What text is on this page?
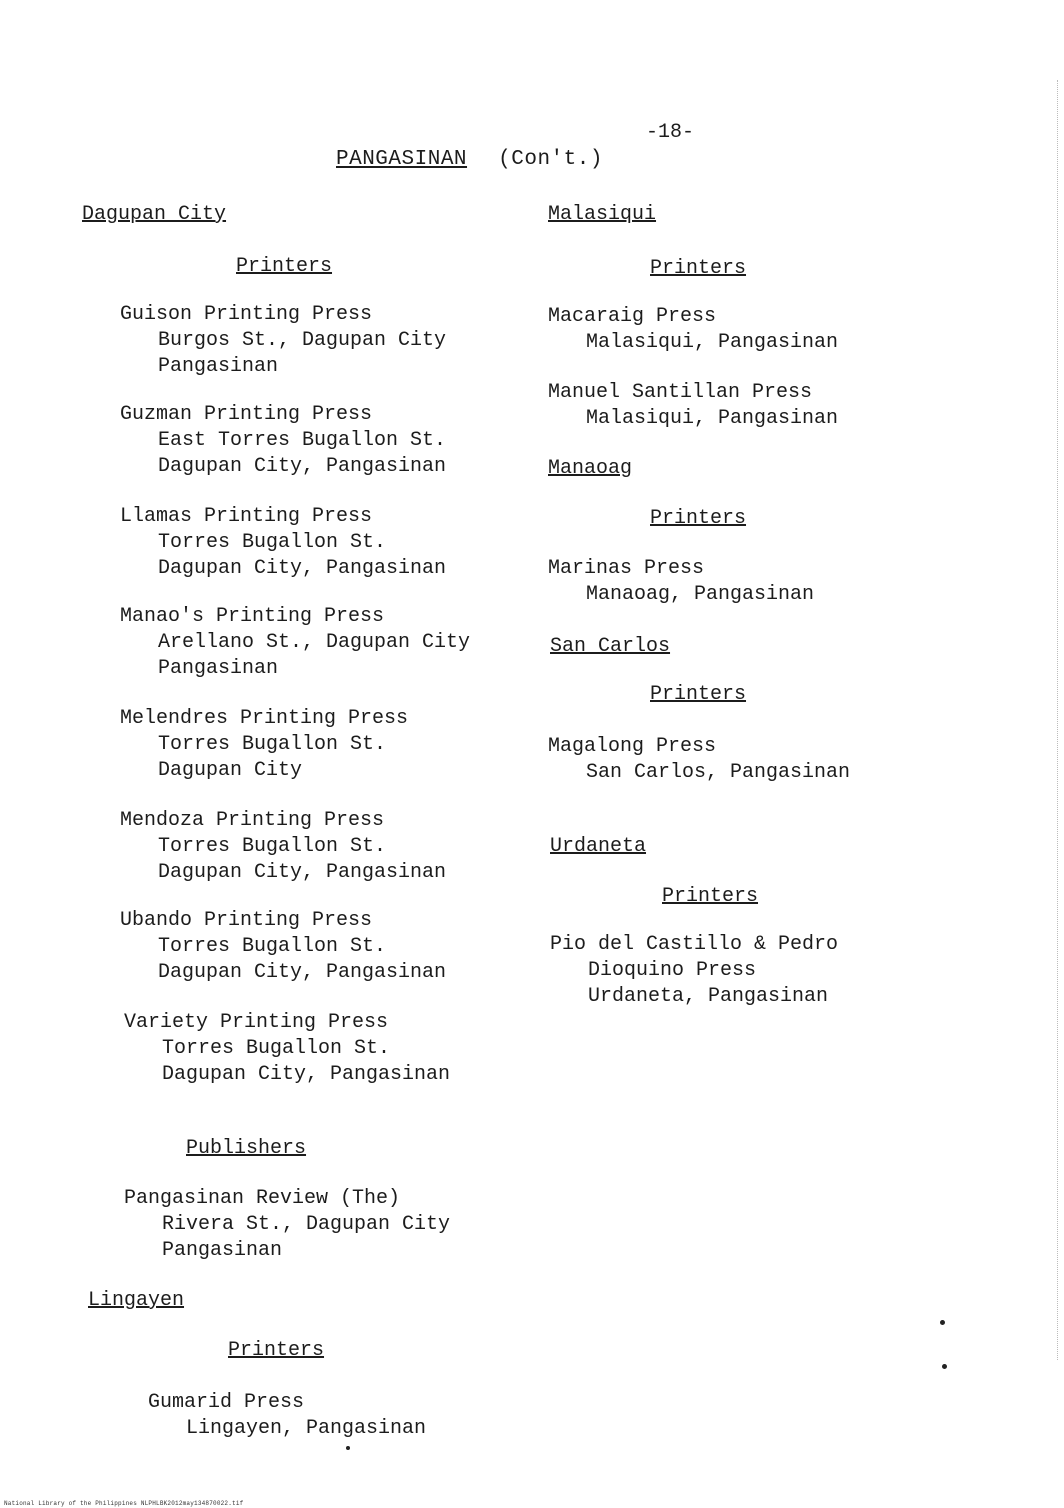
-18-
PANGASINAN (Con't.)
Dagupan City
Printers
Guison Printing Press
Burgos St., Dagupan City
Pangasinan
Guzman Printing Press
East Torres Bugallon St.
Dagupan City, Pangasinan
Llamas Printing Press
Torres Bugallon St.
Dagupan City, Pangasinan
Manao's Printing Press
Arellano St., Dagupan City
Pangasinan
Melendres Printing Press
Torres Bugallon St.
Dagupan City
Mendoza Printing Press
Torres Bugallon St.
Dagupan City, Pangasinan
Ubando Printing Press
Torres Bugallon St.
Dagupan City, Pangasinan
Variety Printing Press
Torres Bugallon St.
Dagupan City, Pangasinan
Publishers
Pangasinan Review (The)
Rivera St., Dagupan City
Pangasinan
Lingayen
Printers
Gumarid Press
Lingayen, Pangasinan
Malasiqui
Printers
Macaraig Press
Malasiqui, Pangasinan
Manuel Santillan Press
Malasiqui, Pangasinan
Manaoag
Printers
Marinas Press
Manaoag, Pangasinan
San Carlos
Printers
Magalong Press
San Carlos, Pangasinan
Urdaneta
Printers
Pio del Castillo & Pedro
Dioquino Press
Urdaneta, Pangasinan
National Library of the Philippines NLPHLBK2012may134870022.tif
